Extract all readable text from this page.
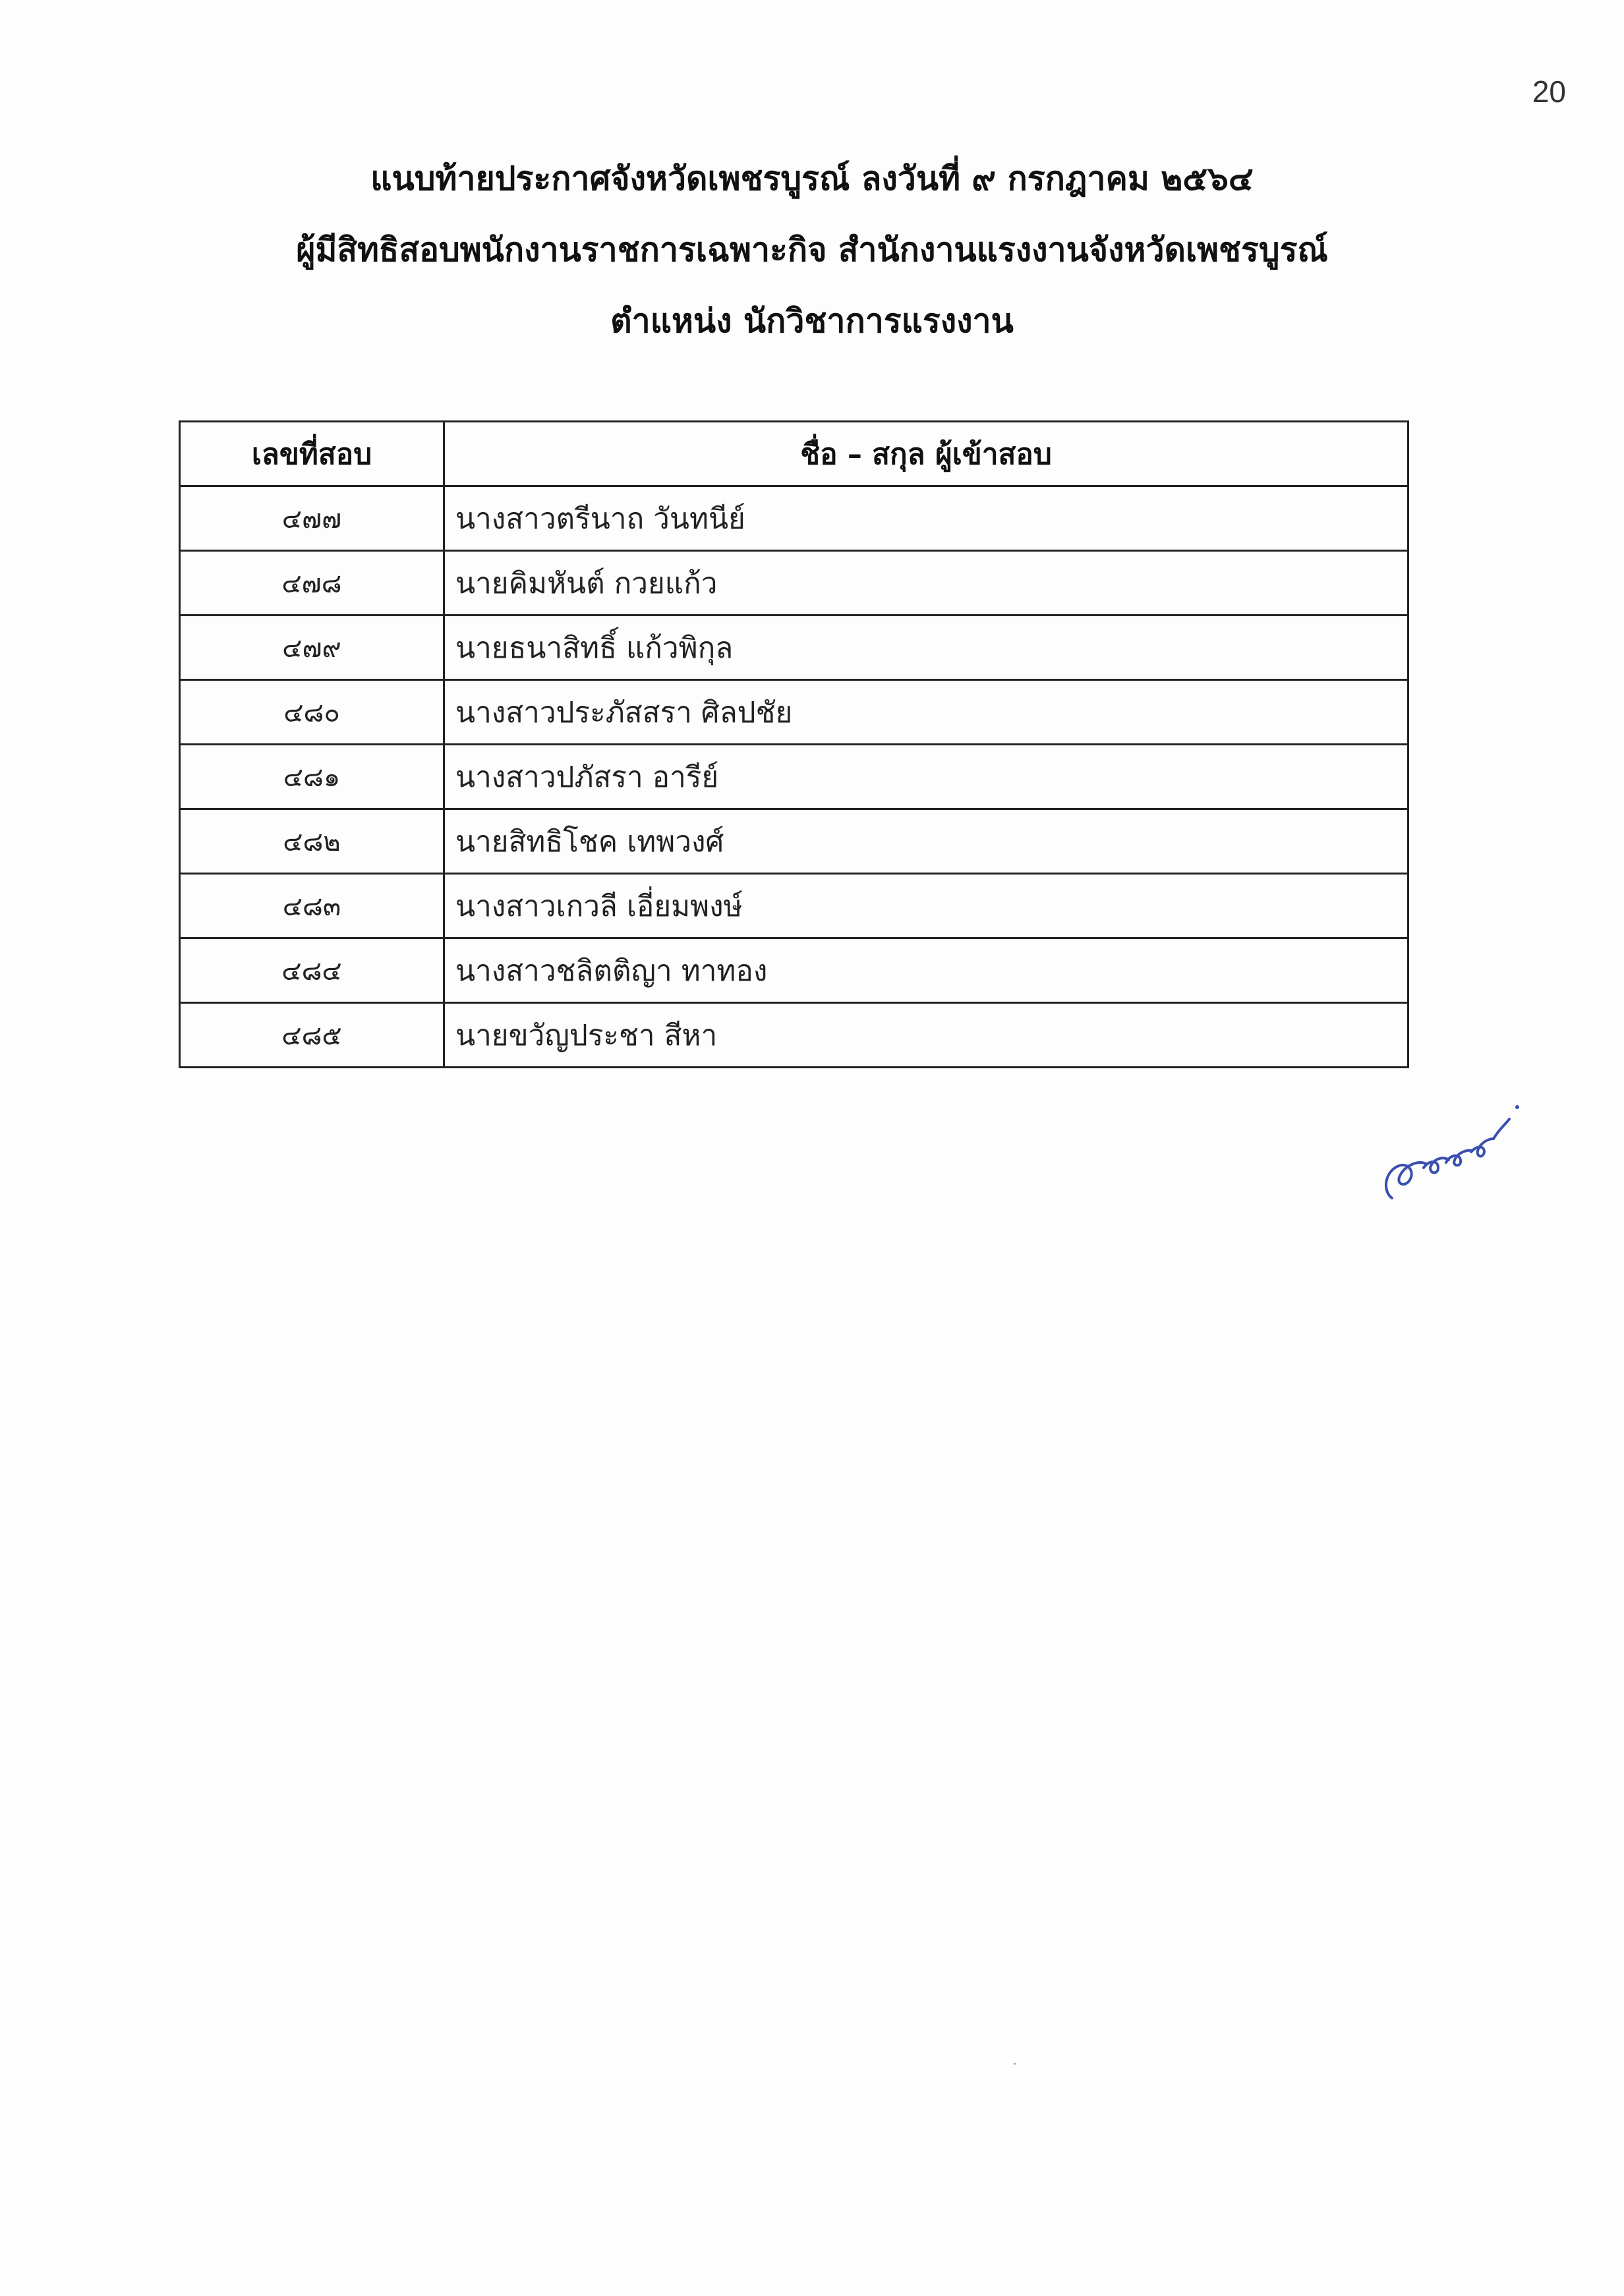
20
แนบท้ายประกาศจังหวัดเพชรบูรณ์ ลงวันที่ ๙ กรกฎาคม ๒๕๖๔
ผู้มีสิทธิสอบพนักงานราชการเฉพาะกิจ สำนักงานแรงงานจังหวัดเพชรบูรณ์
ตำแหน่ง นักวิชาการแรงงาน
เลขที่สอบ	ชื่อ – สกุล ผู้เข้าสอบ
๔๗๗	นางสาวตรีนาถ วันทนีย์
๔๗๘	นายคิมหันต์ กวยแก้ว
๔๗๙	นายธนาสิทธิ์ แก้วพิกุล
๔๘๐	นางสาวประภัสสรา ศิลปชัย
๔๘๑	นางสาวปภัสรา อารีย์
๔๘๒	นายสิทธิโชค เทพวงศ์
๔๘๓	นางสาวเกวลี เอี่ยมพงษ์
๔๘๔	นางสาวชลิตติญา ทาทอง
๔๘๕	นายขวัญประชา สีหา
